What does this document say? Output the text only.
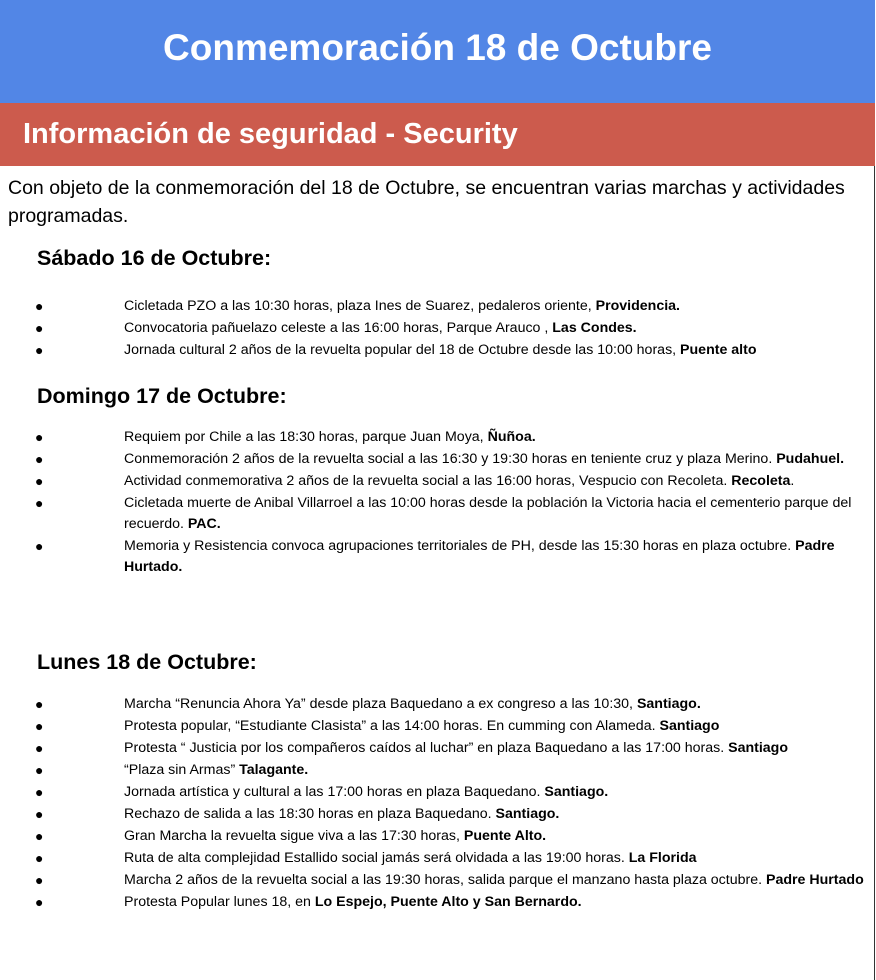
Conmemoración 18 de Octubre
Información de seguridad - Security

Con objeto de la conmemoración del 18 de Octubre, se encuentran varias marchas y actividades programadas.

Sábado 16 de Octubre:
●	Cicletada PZO a las 10:30 horas, plaza Ines de Suarez, pedaleros oriente, Providencia.
●	Convocatoria pañuelazo celeste a las 16:00 horas, Parque Arauco , Las Condes.
●	Jornada cultural 2 años de la revuelta popular del 18 de Octubre desde las 10:00 horas, Puente alto
Domingo 17 de Octubre:
●	Requiem por Chile a las 18:30 horas, parque Juan Moya, Ñuñoa.
●	Conmemoración 2 años de la revuelta social a las 16:30 y 19:30 horas en teniente cruz y plaza Merino. Pudahuel.
●	Actividad conmemorativa 2 años de la revuelta social a las 16:00 horas, Vespucio con Recoleta. Recoleta.
●	Cicletada muerte de Anibal Villarroel a las 10:00 horas desde la población la Victoria hacia el cementerio parque del recuerdo. PAC.
●	Memoria y Resistencia convoca agrupaciones territoriales de PH, desde las 15:30 horas en plaza octubre. Padre Hurtado.
Lunes 18 de Octubre:
●	Marcha “Renuncia Ahora Ya” desde plaza Baquedano a ex congreso a las 10:30, Santiago.
●	Protesta popular, “Estudiante Clasista” a las 14:00 horas. En cumming con Alameda. Santiago
●	Protesta “ Justicia por los compañeros caídos al luchar” en plaza Baquedano a las 17:00 horas. Santiago
●	“Plaza sin Armas” Talagante.
●	Jornada artística y cultural a las 17:00 horas en plaza Baquedano. Santiago.
●	Rechazo de salida a las 18:30 horas en plaza Baquedano. Santiago.
●	Gran Marcha la revuelta sigue viva a las 17:30 horas, Puente Alto.
●	Ruta de alta complejidad Estallido social jamás será olvidada a las 19:00 horas. La Florida
●	Marcha 2 años de la revuelta social a las 19:30 horas, salida parque el manzano hasta plaza octubre. Padre Hurtado
●	Protesta Popular lunes 18, en Lo Espejo, Puente Alto y San Bernardo.
